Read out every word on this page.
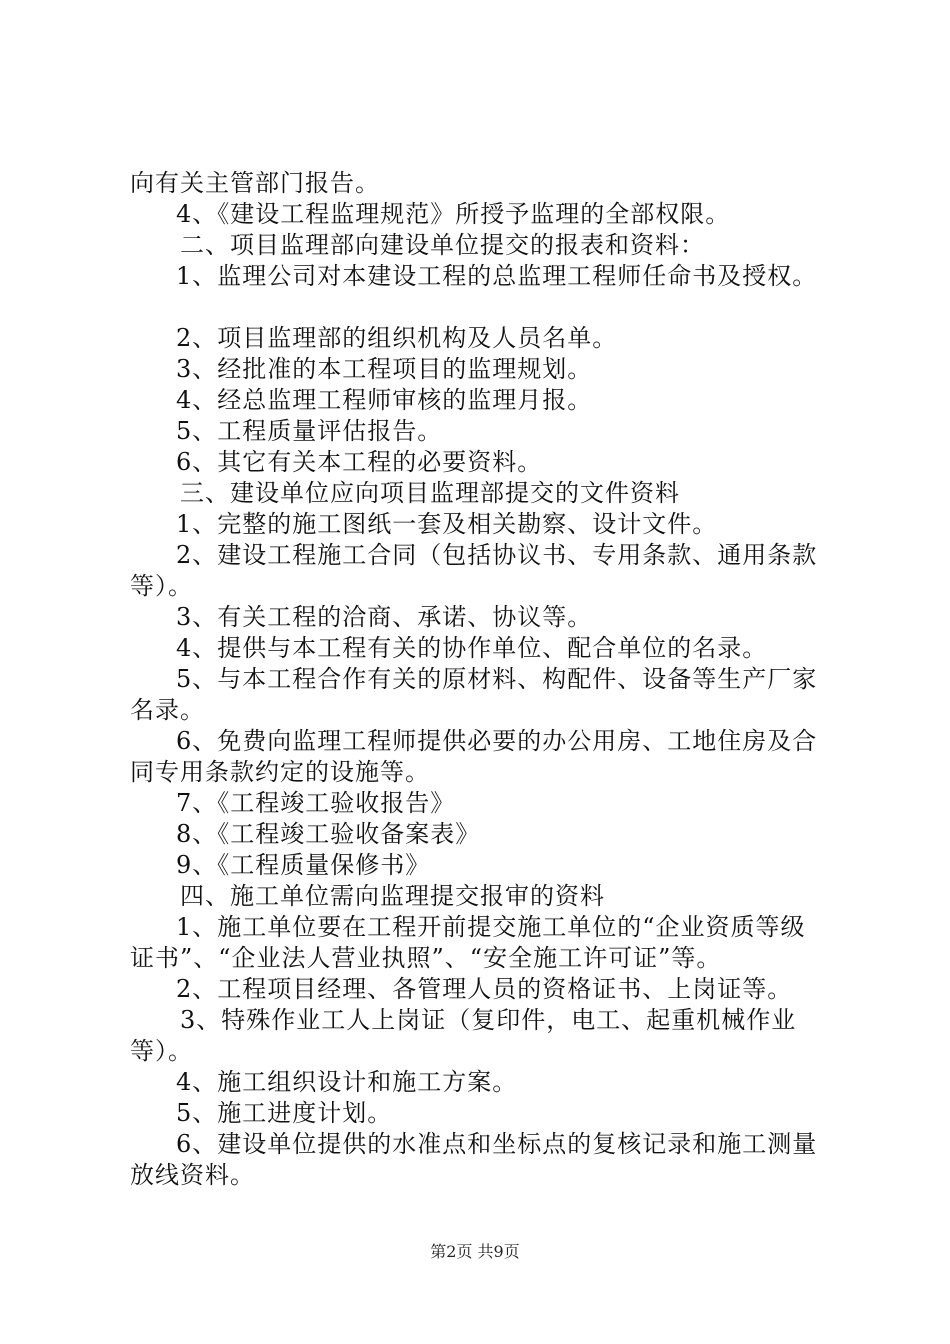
向有关主管部门报告。

4、《建设工程监理规范》所授予监理的全部权限。

二、项目监理部向建设单位提交的报表和资料：

1、监理公司对本建设工程的总监理工程师任命书及授权。

2、项目监理部的组织机构及人员名单。

3、经批准的本工程项目的监理规划。

4、经总监理工程师审核的监理月报。

5、工程质量评估报告。

6、其它有关本工程的必要资料。

三、建设单位应向项目监理部提交的文件资料

1、完整的施工图纸一套及相关勘察、设计文件。

2、建设工程施工合同（包括协议书、专用条款、通用条款

等）。

3、有关工程的洽商、承诺、协议等。

4、提供与本工程有关的协作单位、配合单位的名录。

5、与本工程合作有关的原材料、构配件、设备等生产厂家

名录。

6、免费向监理工程师提供必要的办公用房、工地住房及合

同专用条款约定的设施等。

7、《工程竣工验收报告》

8、《工程竣工验收备案表》

9、《工程质量保修书》

四、施工单位需向监理提交报审的资料

1、施工单位要在工程开前提交施工单位的“企业资质等级

证书”、“企业法人营业执照”、“安全施工许可证”等。

2、工程项目经理、各管理人员的资格证书、上岗证等。

3、特殊作业工人上岗证（复印件，电工、起重机械作业

等）。

4、施工组织设计和施工方案。

5、施工进度计划。

6、建设单位提供的水准点和坐标点的复核记录和施工测量

放线资料。

第2页 共9页
